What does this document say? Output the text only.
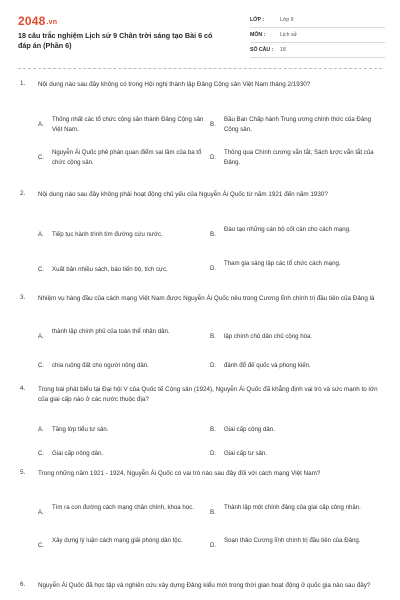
2048.vn
18 câu trắc nghiệm Lịch sử 9 Chân trời sáng tạo Bài 6 có đáp án (Phần 6)
LỚP :	Lớp 9
MÔN :	Lịch sử
SỐ CÂU :	18
1. Nội dung nào sau đây không có trong Hội nghị thành lập Đảng Cộng sản Việt Nam tháng 2/1930?
A.
Thống nhất các tổ chức cộng sản thành Đảng Cộng sản Việt Nam.
B.
Bầu Ban Chấp hành Trung ương chính thức của Đảng Cộng sản.
C.
Nguyễn Ái Quốc phê phán quan điểm sai lầm của ba tổ chức cộng sản.
D.
Thông qua Chính cương vắn tắt, Sách lược vắn tắt của Đảng.
2. Nội dung nào sau đây không phải hoạt động chủ yếu của Nguyễn Ái Quốc từ năm 1921 đến năm 1930?
A. Tiếp tục hành trình tìm đường cứu nước.	B.
Đào tạo những cán bộ cốt cán cho cách mạng.
C. Xuất bản nhiều sách, báo tiến bộ, tích cực.	D.
Tham gia sáng lập các tổ chức cách mạng.
3. Nhiệm vụ hàng đầu của cách mạng Việt Nam được Nguyễn Ái Quốc nêu trong Cương lĩnh chính trị đầu tiên của Đảng là
A.
thành lập chính phủ của toàn thể nhân dân.
B. lập chính chủ dân chủ cộng hòa.
C. chia ruộng đất cho người nông dân.	D. đánh đổ đế quốc và phong kiến.
4. Trong bài phát biểu tại Đại hội V của Quốc tế Cộng sản (1924), Nguyễn Ái Quốc đã khẳng định vai trò và sức mạnh to lớn của giai cấp nào ở các nước thuộc địa?
A. Tầng lớp tiểu tư sản.	B. Giai cấp công dân.
C. Giai cấp nông dân.	D. Giai cấp tư sản.
5. Trong những năm 1921 - 1924, Nguyễn Ái Quốc có vai trò nào sau đây đối với cách mạng Việt Nam?
A.
Tìm ra con đường cách mạng chân chính, khoa học.
B.
Thành lập một chính đảng của giai cấp công nhân.
C.
Xây dựng lý luận cách mạng giải phóng dân tộc.
D.
Soạn thảo Cương lĩnh chính trị đầu tiên của Đảng.
6. Nguyễn Ái Quốc đã học tập và nghiên cứu xây dựng Đảng kiểu mới trong thời gian hoạt động ở quốc gia nào sau đây?
